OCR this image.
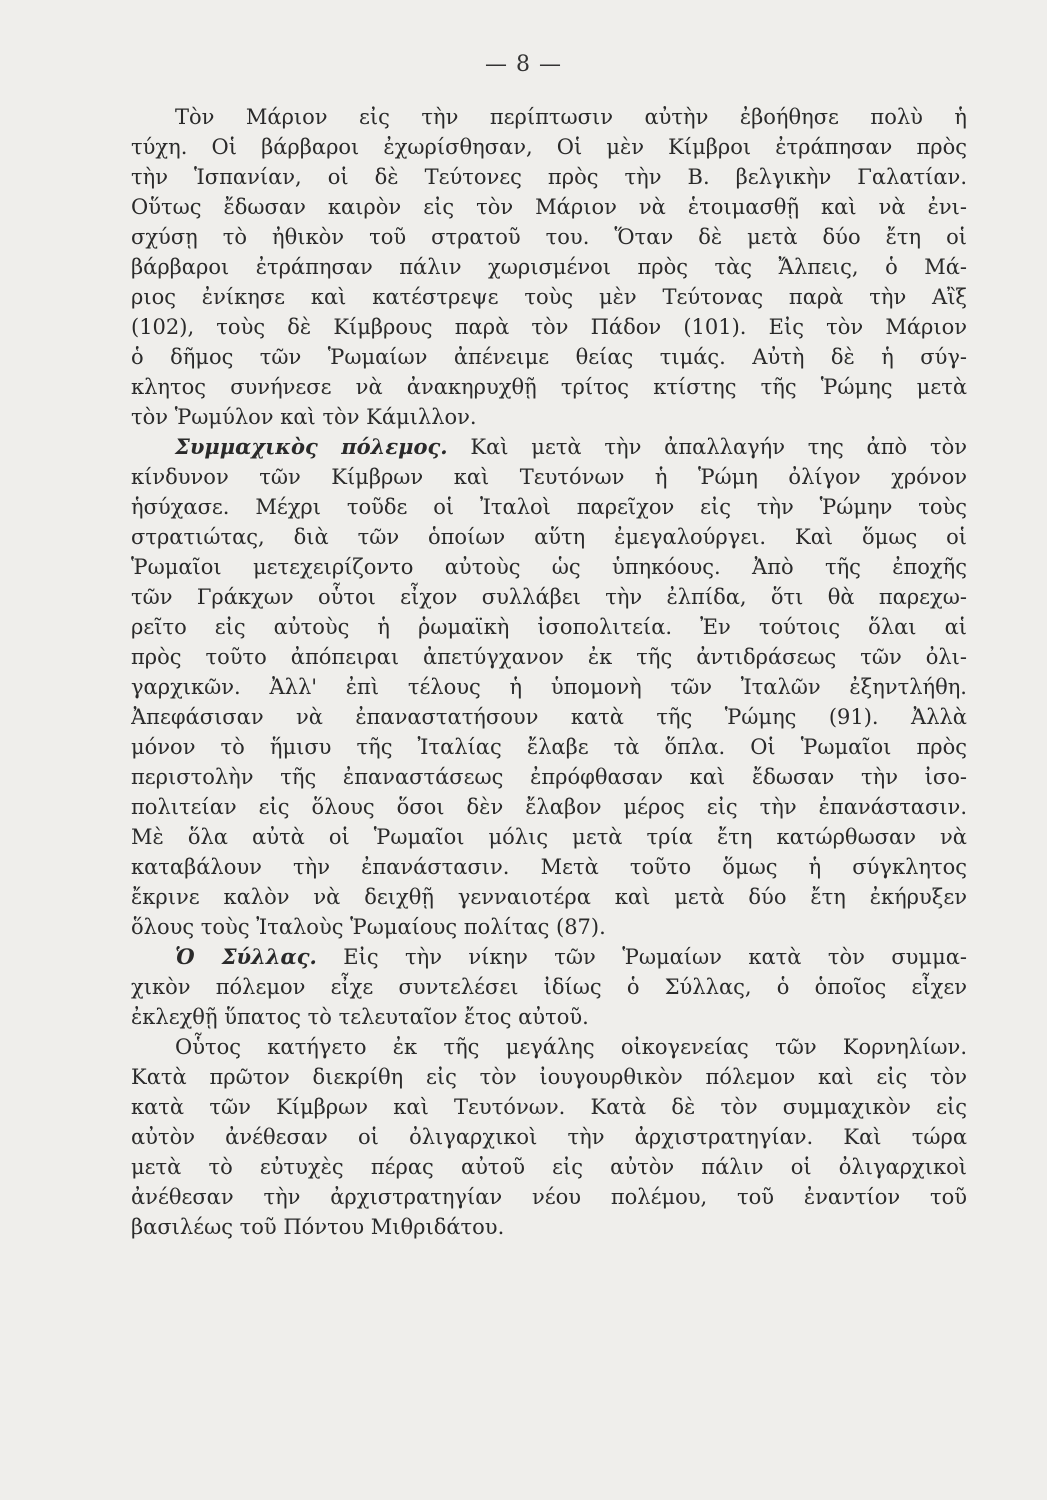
— 8 —
Τὸν Μάριον εἰς τὴν περίπτωσιν αὐτὴν ἐβοήθησε πολὺ ἡ
τύχη. Οἱ βάρβαροι ἐχωρίσθησαν, Οἱ μὲν Κίμβροι ἐτράπησαν πρὸς
τὴν Ἱσπανίαν, οἱ δὲ Τεύτονες πρὸς τὴν Β. βελγικὴν Γαλατίαν.
Οὕτως ἔδωσαν καιρὸν εἰς τὸν Μάριον νὰ ἑτοιμασθῇ καὶ νὰ ἐνι-
σχύσῃ τὸ ἠθικὸν τοῦ στρατοῦ του. Ὅταν δὲ μετὰ δύο ἔτη οἱ
βάρβαροι ἐτράπησαν πάλιν χωρισμένοι πρὸς τὰς Ἄλπεις, ὁ Μά-
ριος ἐνίκησε καὶ κατέστρεψε τοὺς μὲν Τεύτονας παρὰ τὴν Αἲξ
(102), τοὺς δὲ Κίμβρους παρὰ τὸν Πάδον (101). Εἰς τὸν Μάριον
ὁ δῆμος τῶν Ῥωμαίων ἀπένειμε θείας τιμάς. Αὐτὴ δὲ ἡ σύγ-
κλητος συνήνεσε νὰ ἀνακηρυχθῇ τρίτος κτίστης τῆς Ῥώμης μετὰ
τὸν Ῥωμύλον καὶ τὸν Κάμιλλον.
Συμμαχικὸς πόλεμος. Καὶ μετὰ τὴν ἀπαλλαγήν της ἀπὸ τὸν
κίνδυνον τῶν Κίμβρων καὶ Τευτόνων ἡ Ῥώμη ὀλίγον χρόνον
ἡσύχασε. Μέχρι τοῦδε οἱ Ἰταλοὶ παρεῖχον εἰς τὴν Ῥώμην τοὺς
στρατιώτας, διὰ τῶν ὁποίων αὕτη ἐμεγαλούργει. Καὶ ὅμως οἱ
Ῥωμαῖοι μετεχειρίζοντο αὐτοὺς ὡς ὑπηκόους. Ἀπὸ τῆς ἐποχῆς
τῶν Γράκχων οὗτοι εἶχον συλλάβει τὴν ἐλπίδα, ὅτι θὰ παρεχω-
ρεῖτο εἰς αὐτοὺς ἡ ῥωμαϊκὴ ἰσοπολιτεία. Ἐν τούτοις ὅλαι αἱ
πρὸς τοῦτο ἀπόπειραι ἀπετύγχανον ἐκ τῆς ἀντιδράσεως τῶν ὀλι-
γαρχικῶν. Ἀλλ' ἐπὶ τέλους ἡ ὑπομονὴ τῶν Ἰταλῶν ἐξηντλήθη.
Ἀπεφάσισαν νὰ ἐπαναστατήσουν κατὰ τῆς Ῥώμης (91). Ἀλλὰ
μόνον τὸ ἥμισυ τῆς Ἰταλίας ἔλαβε τὰ ὅπλα. Οἱ Ῥωμαῖοι πρὸς
περιστολὴν τῆς ἐπαναστάσεως ἐπρόφθασαν καὶ ἔδωσαν τὴν ἰσο-
πολιτείαν εἰς ὅλους ὅσοι δὲν ἔλαβον μέρος εἰς τὴν ἐπανάστασιν.
Μὲ ὅλα αὐτὰ οἱ Ῥωμαῖοι μόλις μετὰ τρία ἔτη κατώρθωσαν νὰ
καταβάλουν τὴν ἐπανάστασιν. Μετὰ τοῦτο ὅμως ἡ σύγκλητος
ἔκρινε καλὸν νὰ δειχθῇ γενναιοτέρα καὶ μετὰ δύο ἔτη ἐκήρυξεν
ὅλους τοὺς Ἰταλοὺς Ῥωμαίους πολίτας (87).
Ὁ Σύλλας. Εἰς τὴν νίκην τῶν Ῥωμαίων κατὰ τὸν συμμα-
χικὸν πόλεμον εἶχε συντελέσει ἰδίως ὁ Σύλλας, ὁ ὁποῖος εἶχεν
ἐκλεχθῇ ὕπατος τὸ τελευταῖον ἔτος αὐτοῦ.
Οὗτος κατήγετο ἐκ τῆς μεγάλης οἰκογενείας τῶν Κορνηλίων.
Κατὰ πρῶτον διεκρίθη εἰς τὸν ἰουγουρθικὸν πόλεμον καὶ εἰς τὸν
κατὰ τῶν Κίμβρων καὶ Τευτόνων. Κατὰ δὲ τὸν συμμαχικὸν εἰς
αὐτὸν ἀνέθεσαν οἱ ὀλιγαρχικοὶ τὴν ἀρχιστρατηγίαν. Καὶ τώρα
μετὰ τὸ εὐτυχὲς πέρας αὐτοῦ εἰς αὐτὸν πάλιν οἱ ὀλιγαρχικοὶ
ἀνέθεσαν τὴν ἀρχιστρατηγίαν νέου πολέμου, τοῦ ἐναντίον τοῦ
βασιλέως τοῦ Πόντου Μιθριδάτου.
